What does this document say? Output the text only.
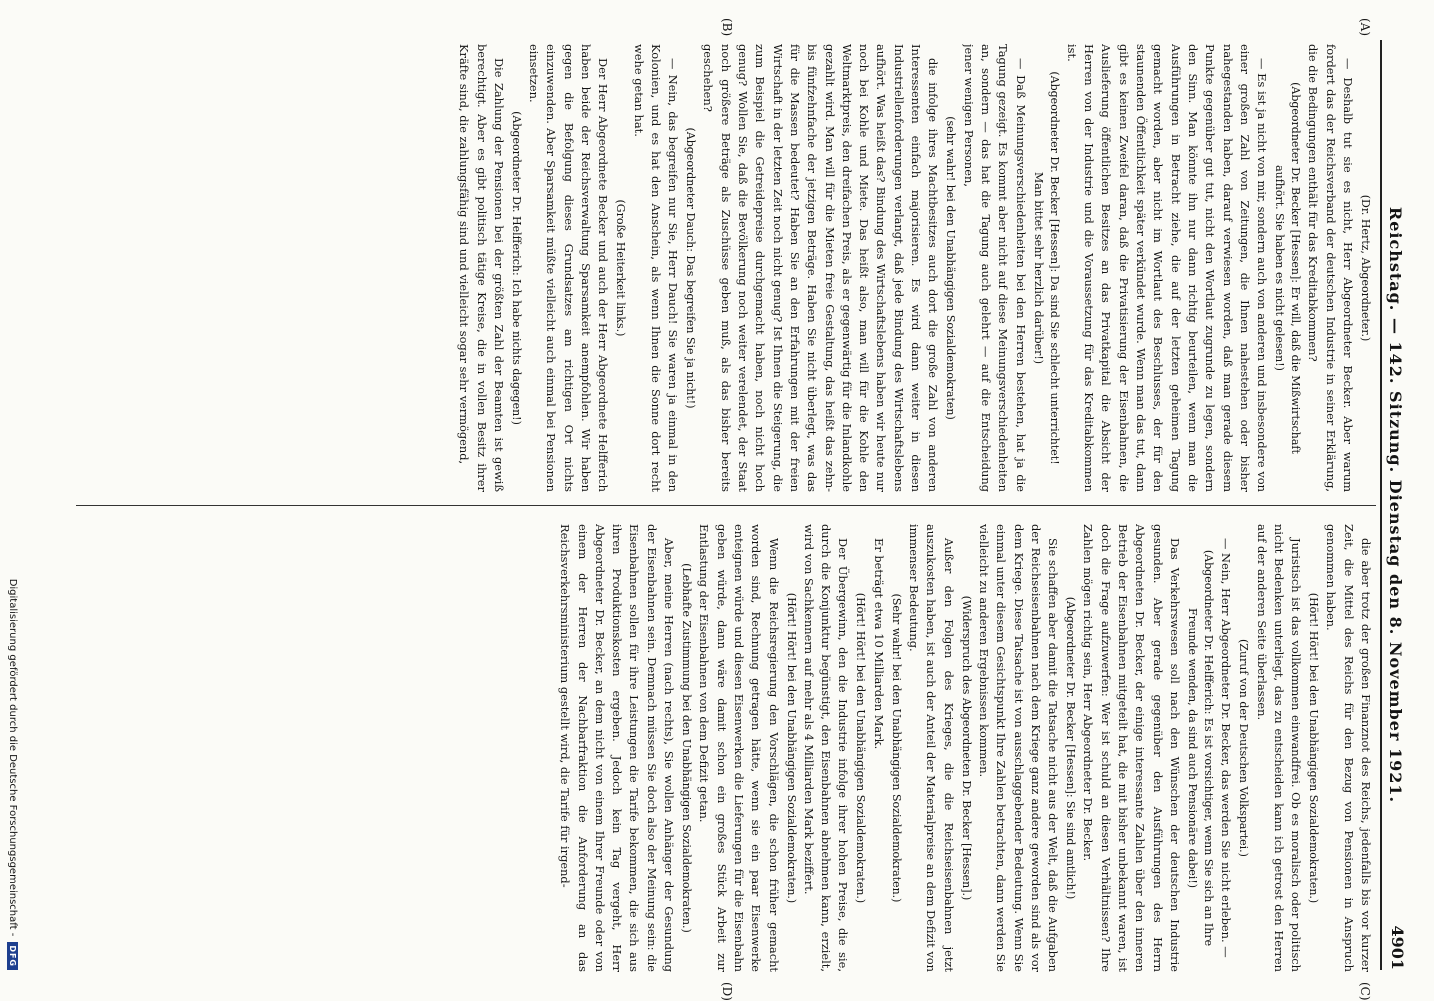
Reichstag. — 142. Sitzung. Dienstag den 8. November 1921.
4901
(A)
(B)
(C)
(D)

(Dr. Hertz, Abgeordneter.)

— Deshalb tut sie es nicht, Herr Abgeordneter Becker. Aber warum fordert das der Reichsverband der deutschen Industrie in seiner Erklärung, die die Bedingungen enthält für das Kreditabkommen?

(Abgeordneter Dr. Becker [Hessen]: Er will, daß die Mißwirtschaft aufhört. Sie haben es nicht gelesen!)

— Es ist ja nicht von mir, sondern auch von anderen und insbesondere von einer großen Zahl von Zeitungen, die Ihnen nahestehen oder bisher nahegestanden haben, darauf verwiesen worden, daß man gerade diesem Punkte gegenüber gut tut, nicht den Wortlaut zugrunde zu legen, sondern den Sinn. Man könnte ihn nur dann richtig beurteilen, wenn man die Ausführungen in Betracht ziehe, die auf der letzten geheimen Tagung gemacht worden, aber nicht im Wortlaut des Beschlusses, der für den staunenden Öffentlichkeit später verkündet wurde. Wenn man das tut, dann gibt es keinen Zweifel daran, daß die Privatisierung der Eisenbahnen, die Auslieferung öffentlichen Besitzes an das Privatkapital die Absicht der Herren von der Industrie und die Voraussetzung für das Kreditabkommen ist.

(Abgeordneter Dr. Becker [Hessen]: Da sind Sie schlecht unterrichtet! Man bittet sehr herzlich darüber!)

— Daß Meinungsverschiedenheiten bei den Herren bestehen, hat ja die Tagung gezeigt. Es kommt aber nicht auf diese Meinungsverschiedenheiten an, sondern — das hat die Tagung auch gelehrt — auf die Entscheidung jener wenigen Personen,

(sehr wahr! bei den Unabhängigen Sozialdemokraten)

die infolge ihres Machtbesitzes auch dort die große Zahl von anderen Interessenten einfach majorisieren. Es wird dann weiter in diesen Industriellenforderungen verlangt, daß jede Bindung des Wirtschaftslebens aufhört. Was heißt das? Bindung des Wirtschaftslebens haben wir heute nur noch bei Kohle und Miete. Das heißt also, man will für die Kohle den Weltmarktpreis, den dreifachen Preis, als er gegenwärtig für die Inlandkohle gezahlt wird. Man will für die Mieten freie Gestaltung, das heißt das zehn- bis fünfzehnfache der jetzigen Beträge. Haben Sie nicht überlegt, was das für die Massen bedeutet? Haben Sie an den Erfahrungen mit der freien Wirtschaft in der letzten Zeit noch nicht genug? Ist Ihnen die Steigerung, die zum Beispiel die Getreidepreise durchgemacht haben, noch nicht hoch genug? Wollen Sie, daß die Bevölkerung noch weiter verelendet, der Staat noch größere Beträge als Zuschüsse geben muß, als das bisher bereits geschehen?

(Abgeordneter Dauch: Das begreifen Sie ja nicht!)

— Nein, das begreifen nur Sie, Herr Dauch! Sie waren ja einmal in den Kolonien, und es hat den Anschein, als wenn Ihnen die Sonne dort recht wehe getan hat.

(Große Heiterkeit links.)

Der Herr Abgeordnete Becker und auch der Herr Abgeordnete Helfferich haben beide der Reichsverwaltung Sparsamkeit anempfohlen. Wir haben gegen die Befolgung dieses Grundsatzes am richtigen Ort nichts einzuwenden. Aber Sparsamkeit müßte vielleicht auch einmal bei Pensionen einsetzen.

(Abgeordneter Dr. Helfferich: Ich habe nichts dagegen!)

Die Zahlung der Pensionen bei der größten Zahl der Beamten ist gewiß berechtigt. Aber es gibt politisch tätige Kreise, die in vollen Besitz ihrer Kräfte sind, die zahlungsfähig sind und vielleicht sogar sehr vermögend,

die aber trotz der großen Finanznot des Reichs, jedenfalls bis vor kurzer Zeit, die Mittel des Reichs für den Bezug von Pensionen in Anspruch genommen haben.

(Hört! Hört! bei den Unabhängigen Sozialdemokraten.)

Juristisch ist das vollkommen einwandfrei. Ob es moralisch oder politisch nicht Bedenken unterliegt, das zu entscheiden kann ich getrost den Herren auf der anderen Seite überlassen.

(Zuruf von der Deutschen Volkspartei.)

— Nein, Herr Abgeordneter Dr. Becker, das werden Sie nicht erleben. —

(Abgeordneter Dr. Helfferich: Es ist vorsichtiger, wenn Sie sich an Ihre Freunde wenden, da sind auch Pensionäre dabei!)

Das Verkehrswesen soll nach den Wünschen der deutschen Industrie gesunden. Aber gerade gegenüber den Ausführungen des Herrn Abgeordneten Dr. Becker, der einige interessante Zahlen über den inneren Betrieb der Eisenbahnen mitgeteilt hat, die mit bisher unbekannt waren, ist doch die Frage aufzuwerfen: Wer ist schuld an diesen Verhältnissen? Ihre Zahlen mögen richtig sein, Herr Abgeordneter Dr. Becker.

(Abgeordneter Dr. Becker [Hessen]: Sie sind amtlich!)

Sie schaffen aber damit die Tatsache nicht aus der Welt, daß die Aufgaben der Reichseisenbahnen nach dem Kriege ganz andere geworden sind als vor dem Kriege. Diese Tatsache ist von ausschlaggebender Bedeutung. Wenn Sie einmal unter diesem Gesichtspunkt Ihre Zahlen betrachten, dann werden Sie vielleicht zu anderen Ergebnissen kommen.

(Widerspruch des Abgeordneten Dr. Becker [Hessen].)

Außer den Folgen des Krieges, die die Reichseisenbahnen jetzt auszukosten haben, ist auch der Anteil der Materialpreise an dem Defizit von immenser Bedeutung.

(Sehr wahr! bei den Unabhängigen Sozialdemokraten.)

Er beträgt etwa 10 Milliarden Mark.

(Hört! Hört! bei den Unabhängigen Sozialdemokraten.)

Der Übergewinn, den die Industrie infolge ihrer hohen Preise, die sie, durch die Konjunktur begünstigt, den Eisenbahnen abnehmen kann, erzielt, wird von Sachkennern auf mehr als 4 Milliarden Mark beziffert.

(Hört! Hört! bei den Unabhängigen Sozialdemokraten.)

Wenn die Reichsregierung den Vorschlägen, die schon früher gemacht worden sind, Rechnung getragen hätte, wenn sie ein paar Eisenwerke enteignen würde und diesen Eisenwerken die Lieferungen für die Eisenbahn geben würde, dann wäre damit schon ein großes Stück Arbeit zur Entlastung der Eisenbahnen von dem Defizit getan.

(Lebhafte Zustimmung bei den Unabhängigen Sozialdemokraten.)

Aber, meine Herren (nach rechts), Sie wollen Anhänger der Gesundung der Eisenbahnen sein. Demnach müssen Sie doch also der Meinung sein: die Eisenbahnen sollen für ihre Leistungen die Tarife bekommen, die sich aus ihren Produktionskosten ergeben. Jedoch kein Tag vergeht, Herr Abgeordneter Dr. Becker, an dem nicht von einem Ihrer Freunde oder von einem der Herren der Nachbarfraktion die Anforderung an das Reichsverkehrsministerium gestellt wird, die Tarife für irgend-

Digitalisierung gefördert durch die Deutsche Forschungsgemeinschaft -
DFG
